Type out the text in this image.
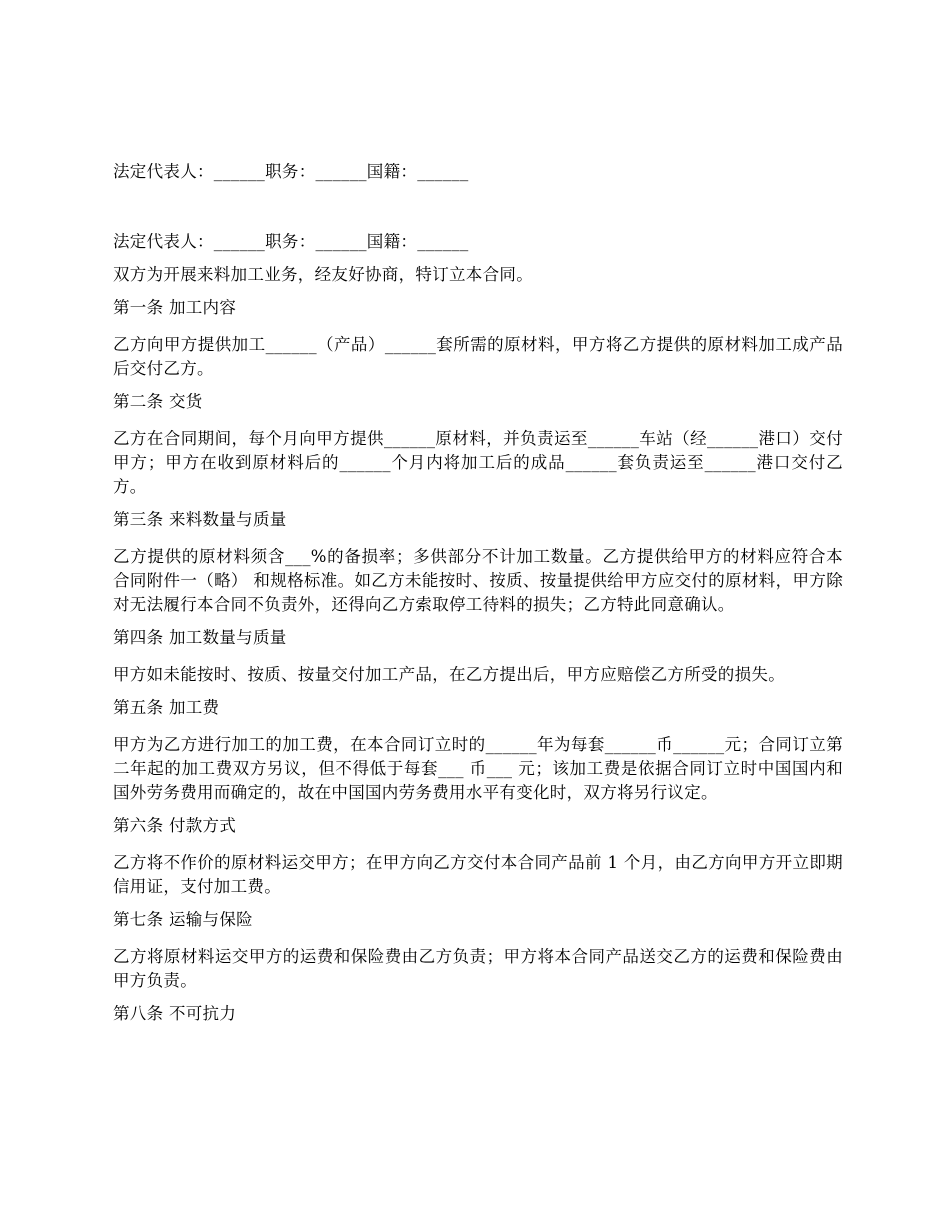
法定代表人：______职务：______国籍：______

法定代表人：______职务：______国籍：______

双方为开展来料加工业务，经友好协商，特订立本合同。

第一条 加工内容

乙方向甲方提供加工______（产品）______套所需的原材料，甲方将乙方提供的原材料加工成产品后交付乙方。

第二条 交货

乙方在合同期间，每个月向甲方提供______原材料，并负责运至______车站（经______港口）交付甲方；甲方在收到原材料后的______个月内将加工后的成品______套负责运至______港口交付乙方。

第三条 来料数量与质量

乙方提供的原材料须含___%的备损率；多供部分不计加工数量。乙方提供给甲方的材料应符合本合同附件一（略） 和规格标准。如乙方未能按时、按质、按量提供给甲方应交付的原材料，甲方除对无法履行本合同不负责外，还得向乙方索取停工待料的损失；乙方特此同意确认。

第四条 加工数量与质量

甲方如未能按时、按质、按量交付加工产品，在乙方提出后，甲方应赔偿乙方所受的损失。

第五条 加工费

甲方为乙方进行加工的加工费，在本合同订立时的______年为每套______币______元；合同订立第二年起的加工费双方另议，但不得低于每套___ 币___ 元；该加工费是依据合同订立时中国国内和国外劳务费用而确定的，故在中国国内劳务费用水平有变化时，双方将另行议定。

第六条 付款方式

乙方将不作价的原材料运交甲方；在甲方向乙方交付本合同产品前 1 个月，由乙方向甲方开立即期信用证，支付加工费。

第七条 运输与保险

乙方将原材料运交甲方的运费和保险费由乙方负责；甲方将本合同产品送交乙方的运费和保险费由甲方负责。

第八条 不可抗力
